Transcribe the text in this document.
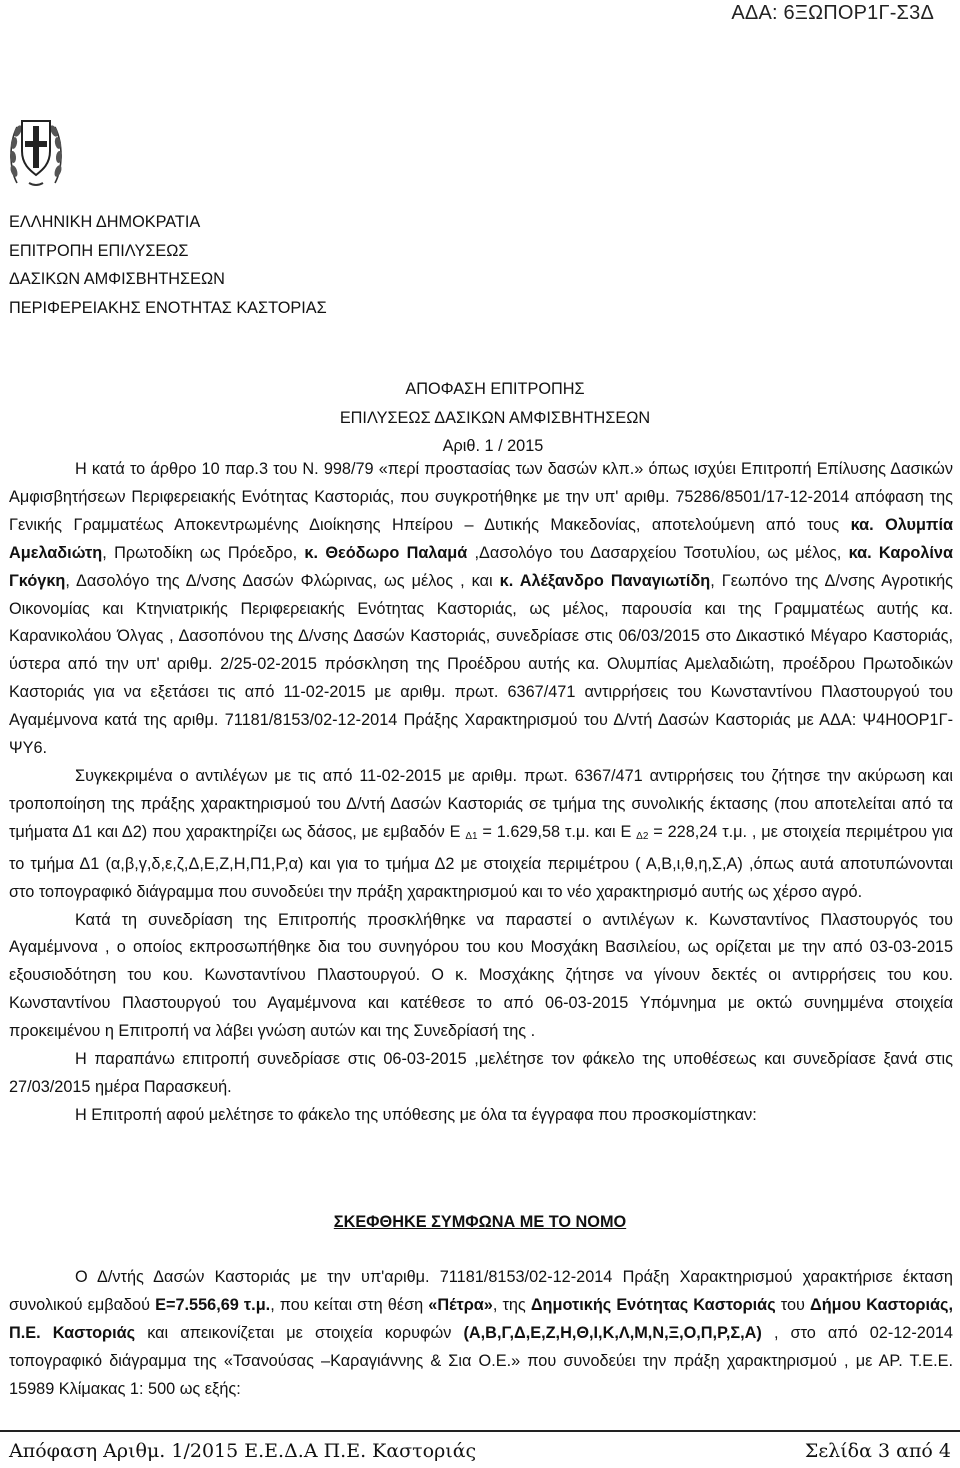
ΑΔΑ: 6ΞΩΠΟΡ1Γ-Σ3Δ
ΕΛΛΗΝΙΚΗ ΔΗΜΟΚΡΑΤΙΑ
ΕΠΙΤΡΟΠΗ ΕΠΙΛΥΣΕΩΣ
ΔΑΣΙΚΩΝ ΑΜΦΙΣΒΗΤΗΣΕΩΝ
ΠΕΡΙΦΕΡΕΙΑΚΗΣ ΕΝΟΤΗΤΑΣ ΚΑΣΤΟΡΙΑΣ
ΑΠΟΦΑΣΗ ΕΠΙΤΡΟΠΗΣ
ΕΠΙΛΥΣΕΩΣ ΔΑΣΙΚΩΝ ΑΜΦΙΣΒΗΤΗΣΕΩΝ
Αριθ. 1 / 2015

Η κατά το άρθρο 10 παρ.3 του Ν. 998/79 «περί προστασίας των δασών κλπ.» όπως ισχύει Επιτροπή Επίλυσης Δασικών Αμφισβητήσεων Περιφερειακής Ενότητας Καστοριάς, που συγκροτήθηκε με την υπ' αριθμ. 75286/8501/17-12-2014 απόφαση της Γενικής Γραμματέως Αποκεντρωμένης Διοίκησης Ηπείρου – Δυτικής Μακεδονίας, αποτελούμενη από τους κα. Ολυμπία Αμελαδιώτη, Πρωτοδίκη ως Πρόεδρο, κ. Θεόδωρο Παλαμά ,Δασολόγο του Δασαρχείου Τσοτυλίου, ως μέλος, κα. Καρολίνα Γκόγκη, Δασολόγο της Δ/νσης Δασών Φλώρινας, ως μέλος , και κ. Αλέξανδρο Παναγιωτίδη, Γεωπόνο της Δ/νσης Αγροτικής Οικονομίας και Κτηνιατρικής Περιφερειακής Ενότητας Καστοριάς, ως μέλος, παρουσία και της Γραμματέως αυτής κα. Καρανικολάου Όλγας , Δασοπόνου της Δ/νσης Δασών Καστοριάς, συνεδρίασε στις 06/03/2015 στο Δικαστικό Μέγαρο Καστοριάς, ύστερα από την υπ' αριθμ. 2/25-02-2015 πρόσκληση της Προέδρου αυτής κα. Ολυμπίας Αμελαδιώτη, προέδρου Πρωτοδικών Καστοριάς για να εξετάσει τις από 11-02-2015 με αριθμ. πρωτ. 6367/471 αντιρρήσεις του Κωνσταντίνου Πλαστουργού του Αγαμέμνονα κατά της αριθμ. 71181/8153/02-12-2014 Πράξης Χαρακτηρισμού του Δ/ντή Δασών Καστοριάς με ΑΔΑ: Ψ4Η0ΟΡ1Γ-ΨΥ6.

Συγκεκριμένα ο αντιλέγων με τις από 11-02-2015 με αριθμ. πρωτ. 6367/471 αντιρρήσεις του ζήτησε την ακύρωση και τροποποίηση της πράξης χαρακτηρισμού του Δ/ντή Δασών Καστοριάς σε τμήμα της συνολικής έκτασης (που αποτελείται από τα τμήματα Δ1 και Δ2) που χαρακτηρίζει ως δάσος, με εμβαδόν Ε $_{\Delta 1}$ = 1.629,58 τ.μ. και Ε $_{\Delta 2}$ = 228,24 τ.μ. , με στοιχεία περιμέτρου για το τμήμα Δ1 (α,β,γ,δ,ε,ζ,Δ,Ε,Ζ,Η,Π1,Ρ,α) και για το τμήμα Δ2 με στοιχεία περιμέτρου ( Α,Β,ι,θ,η,Σ,Α) ,όπως αυτά αποτυπώνονται στο τοπογραφικό διάγραμμα που συνοδεύει την πράξη χαρακτηρισμού και το νέο χαρακτηρισμό αυτής ως χέρσο αγρό.

Κατά τη συνεδρίαση της Επιτροπής προσκλήθηκε να παραστεί ο αντιλέγων κ. Κωνσταντίνος Πλαστουργός του Αγαμέμνονα , ο οποίος εκπροσωπήθηκε δια του συνηγόρου του κου Μοσχάκη Βασιλείου, ως ορίζεται με την από 03-03-2015 εξουσιοδότηση του κου. Κωνσταντίνου Πλαστουργού. Ο κ. Μοσχάκης ζήτησε να γίνουν δεκτές οι αντιρρήσεις του κου. Κωνσταντίνου Πλαστουργού του Αγαμέμνονα και κατέθεσε το από 06-03-2015 Υπόμνημα με οκτώ συνημμένα στοιχεία προκειμένου η Επιτροπή να λάβει γνώση αυτών και της Συνεδρίασή της .

Η παραπάνω επιτροπή συνεδρίασε στις 06-03-2015 ,μελέτησε τον φάκελο της υποθέσεως και συνεδρίασε ξανά στις 27/03/2015 ημέρα Παρασκευή.

Η Επιτροπή αφού μελέτησε το φάκελο της υπόθεσης με όλα τα έγγραφα που προσκομίστηκαν:

ΣΚΕΦΘΗΚΕ ΣΥΜΦΩΝΑ ΜΕ ΤΟ ΝΟΜΟ

Ο Δ/ντής Δασών Καστοριάς με την υπ'αριθμ. 71181/8153/02-12-2014 Πράξη Χαρακτηρισμού χαρακτήρισε έκταση συνολικού εμβαδού Ε=7.556,69 τ.μ., που κείται στη θέση «Πέτρα», της Δημοτικής Ενότητας Καστοριάς του Δήμου Καστοριάς, Π.Ε. Καστοριάς και απεικονίζεται με στοιχεία κορυφών (Α,Β,Γ,Δ,Ε,Ζ,Η,Θ,Ι,Κ,Λ,Μ,Ν,Ξ,Ο,Π,Ρ,Σ,Α) , στο από 02-12-2014 τοπογραφικό διάγραμμα της «Τσανούσας –Καραγιάννης & Σια Ο.Ε.» που συνοδεύει την πράξη χαρακτηρισμού , με ΑΡ. Τ.Ε.Ε. 15989 Κλίμακας 1: 500 ως εξής:

Απόφαση Αριθμ. 1/2015 Ε.Ε.Δ.Α Π.Ε. Καστοριάς	Σελίδα 3 από 4
